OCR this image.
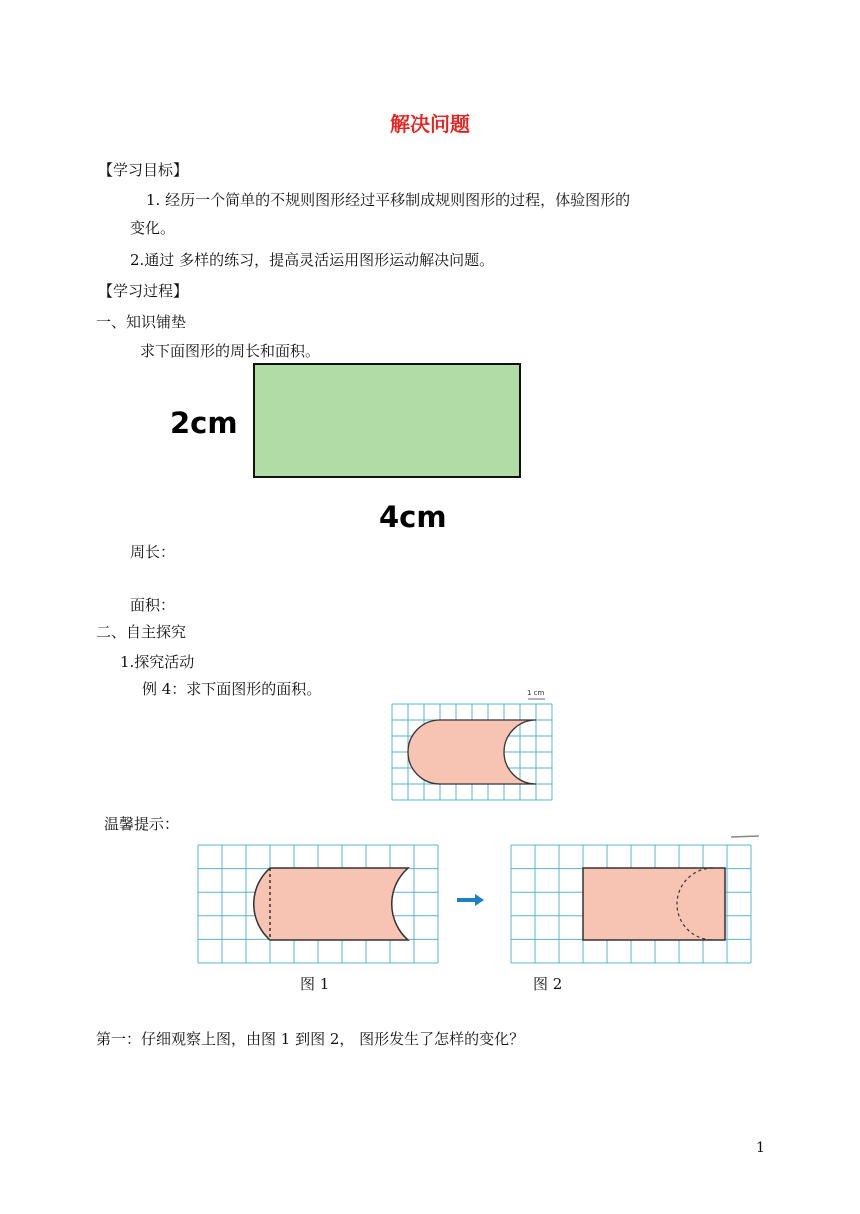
解决问题
【学习目标】
1. 经历一个简单的不规则图形经过平移制成规则图形的过程，体验图形的
变化。
2.通过 多样的练习，提高灵活运用图形运动解决问题。
【学习过程】
一、知识铺垫
求下面图形的周长和面积。
2cm
4cm
周长：
面积：
二、自主探究
1.探究活动
例 4：求下面图形的面积。	1 cm
温馨提示：
图 1	图 2
第一：仔细观察上图，由图 1 到图 2， 图形发生了怎样的变化？
1
